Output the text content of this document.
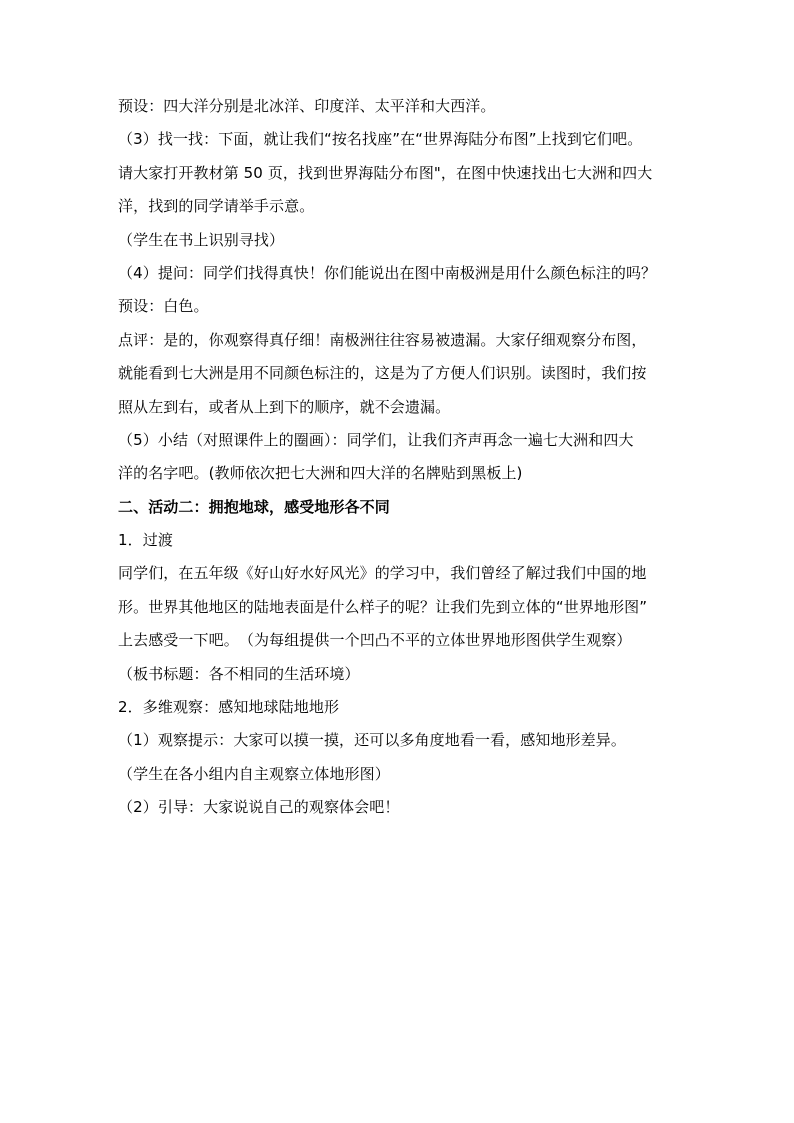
预设：四大洋分别是北冰洋、印度洋、太平洋和大西洋。
（3）找一找：下面，就让我们“按名找座”在“世界海陆分布图”上找到它们吧。
请大家打开教材第 50 页，找到世界海陆分布图"，在图中快速找出七大洲和四大
洋，找到的同学请举手示意。
（学生在书上识别寻找）
（4）提问：同学们找得真快！你们能说出在图中南极洲是用什么颜色标注的吗？
预设：白色。
点评：是的，你观察得真仔细！南极洲往往容易被遗漏。大家仔细观察分布图，
就能看到七大洲是用不同颜色标注的，这是为了方便人们识别。读图时，我们按
照从左到右，或者从上到下的顺序，就不会遗漏。
（5）小结（对照课件上的圈画）：同学们，让我们齐声再念一遍七大洲和四大
洋的名字吧。(教师依次把七大洲和四大洋的名牌贴到黑板上)
二、活动二：拥抱地球，感受地形各不同
1．过渡
同学们，在五年级《好山好水好风光》的学习中，我们曾经了解过我们中国的地
形。世界其他地区的陆地表面是什么样子的呢？让我们先到立体的“世界地形图”
上去感受一下吧。　（为每组提供一个凹凸不平的立体世界地形图供学生观察）
（板书标题：各不相同的生活环境）
2．多维观察：感知地球陆地地形
（1）观察提示：大家可以摸一摸，还可以多角度地看一看，感知地形差异。
（学生在各小组内自主观察立体地形图）
（2）引导：大家说说自己的观察体会吧！
